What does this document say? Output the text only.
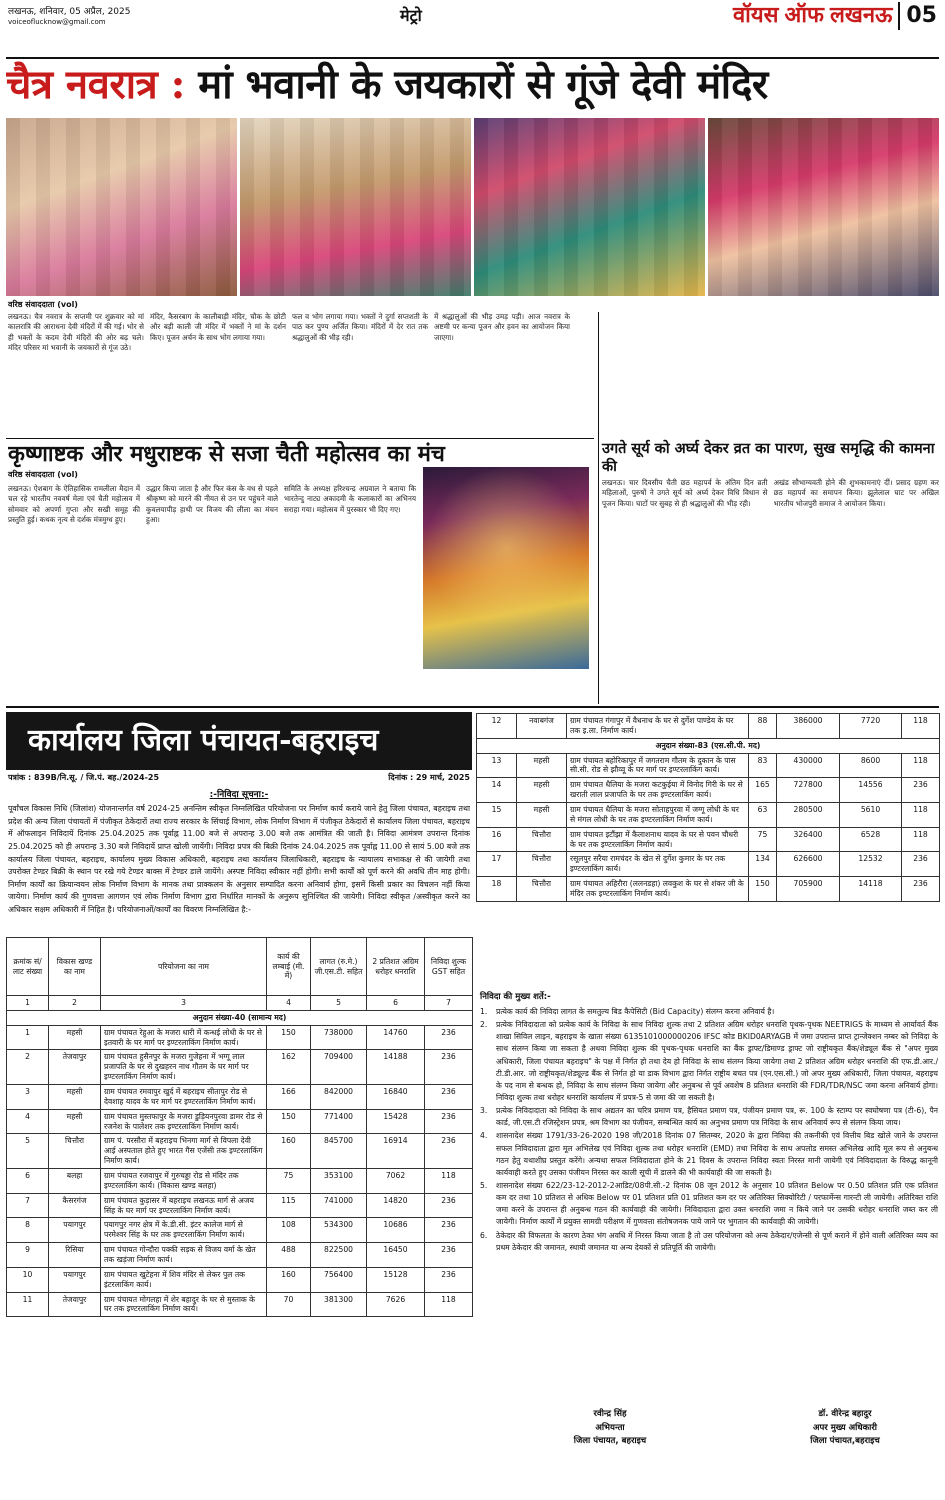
लखनऊ, शनिवार, 05 अप्रैल, 2025
voiceoflucknow@gmail.com	मेट्रो	वॉयस ऑफ लखनऊ 05
चैत्र नवरात्र : मां भवानी के जयकारों से गूंजे देवी मंदिर
वरिष्ठ संवाददाता (vol)

लखनऊ। चैत्र नवरात्र के सप्तमी पर शुक्रवार को मां कालरात्रि की आराधना देवी मंदिरों में की गई। भोर से ही भक्तों के कदम देवी मंदिरों की ओर बढ़ चले। मंदिर परिसर मां भवानी के जयकारों से गूंज उठे।

मंदिर, कैसरबाग के कालीबाड़ी मंदिर, चौक के छोटी और बड़ी काली जी मंदिर में भक्तों ने मां के दर्शन किए। पूजन अर्चन के साथ भोग लगाया गया।

फल व भोग लगाया गया। भक्तों ने दुर्गा सप्तशती के पाठ कर पुण्य अर्जित किया। मंदिरों में देर रात तक श्रद्धालुओं की भीड़ रही।

में श्रद्धालुओं की भीड़ उमड़ पड़ी। आज नवरात्र के अष्टमी पर कन्या पूजन और हवन का आयोजन किया जाएगा।

कृष्णाष्टक और मधुराष्टक से सजा चैती महोत्सव का मंच
वरिष्ठ संवाददाता (vol)

लखनऊ। ऐशबाग के ऐतिहासिक रामलीला मैदान में चल रहे भारतीय नववर्ष मेला एवं चैती महोत्सव में सोमवार को अपर्णा गुप्ता और सखी समूह की प्रस्तुति हुई। कथक नृत्य से दर्शक मंत्रमुग्ध हुए।

उद्धार किया जाता है और फिर कंस के वध से पहले श्रीकृष्ण को मारने की नीयत से उन पर पहुंचने वाले कुवलयापीड़ हाथी पर विजय की लीला का मंचन हुआ।

समिति के अध्यक्ष हरिश्चन्द्र अग्रवाल ने बताया कि भारतेन्दु नाट्य अकादमी के कलाकारों का अभिनय सराहा गया। महोत्सव में पुरस्कार भी दिए गए।

उगते सूर्य को अर्घ्य देकर व्रत का पारण, सुख समृद्धि की कामना की

लखनऊ। चार दिवसीय चैती छठ महापर्व के अंतिम दिन व्रती महिलाओं, पुरुषों ने उगते सूर्य को अर्घ्य देकर विधि विधान से पूजन किया। घाटों पर सुबह से ही श्रद्धालुओं की भीड़ रही।

अखंड सौभाग्यवती होने की शुभकामनाएं दीं। प्रसाद ग्रहण कर छठ महापर्व का समापन किया। झूलेलाल घाट पर अखिल भारतीय भोजपुरी समाज ने आयोजन किया।

कार्यालय जिला पंचायत-बहराइच
पत्रांक : 839B/नि.सू. / जि.पं. बह./2024-25	दिनांक : 29 मार्च, 2025
:-निविदा सूचना:-
पूर्वांचल विकास निधि (जिलांश) योजनान्तर्गत वर्ष 2024-25 अनन्तिम स्वीकृत निम्नलिखित परियोजना पर निर्माण कार्य कराये जाने हेतु जिला पंचायत, बहराइच तथा प्रदेश की अन्य जिला पंचायतों में पंजीकृत ठेकेदारों तथा राज्य सरकार के सिंचाई विभाग, लोक निर्माण विभाग में पंजीकृत ठेकेदारों से कार्यालय जिला पंचायत, बहराइच में ऑफलाइन निविदायें दिनांक 25.04.2025 तक पूर्वाह्न 11.00 बजे से अपरान्ह 3.00 बजे तक आमंत्रित की जाती है। निविदा आमंत्रण उपरान्त दिनांक 25.04.2025 को ही अपरान्ह 3.30 बजे निविदायें प्राप्त खोली जायेंगी। निविदा प्रपत्र की बिक्री दिनांक 24.04.2025 तक पूर्वाह्न 11.00 से सायं 5.00 बजे तक कार्यालय जिला पंचायत, बहराइच, कार्यालय मुख्य विकास अधिकारी, बहराइच तथा कार्यालय जिलाधिकारी, बहराइच के न्यायालय सभाकक्ष से की जायेगी तथा उपरोक्त टेण्डर बिक्री के स्थान पर रखे गये टेण्डर बाक्स में टेण्डर डाले जायेंगे। अस्पष्ट निविदा स्वीकार नहीं होगी। सभी कार्यों को पूर्ण करने की अवधि तीन माह होगी। निर्माण कार्यों का क्रियान्वयन लोक निर्माण विभाग के मानक तथा प्राक्कलन के अनुसार सम्पादित करना अनिवार्य होगा, इसमें किसी प्रकार का विचलन नहीं किया जायेगा। निर्माण कार्य की गुणवत्ता आगणन एवं लोक निर्माण विभाग द्वारा निर्धारित मानकों के अनुरूप सुनिश्चित की जायेगी। निविदा स्वीकृत /अस्वीकृत करने का अधिकार सक्षम अधिकारी में निहित है। परियोजनाओं/कार्यों का विवरण निम्नलिखित है:-
क्रमांक सं/लाट संख्या	विकास खण्ड का नाम	परियोजना का नाम	कार्य की लम्बाई (मी. में)	लागत (रु.मे.) जी.एस.टी. सहित	2 प्रतिशत अग्रिम धरोहर धनराशि	निविदा शुल्क GST सहित
1	2	3	4	5	6	7
अनुदान संख्या-40 (सामान्य मद)						
1	महसी	ग्राम पंचायत रेहुआ के मजरा धारी में कन्धई लोधी के घर से इतवारी के घर मार्ग पर इण्टरलाकिंग निर्माण कार्य।	150	738000	14760	236
2	तेजवापुर	ग्राम पंचायत हुसैनपुर के मजरा गुजेहना में भग्गू लाल प्रजापति के घर से दुखहरन नाथ गौतम के घर मार्ग पर इण्टरलाकिंग निर्माण कार्य।	162	709400	14188	236
3	महसी	ग्राम पंचायत रमवापुर खुर्द में बहराइच सीतापुर रोड से देवशाह यादव के घर मार्ग पर इण्टरलाकिंग निर्माण कार्य।	166	842000	16840	236
4	महसी	ग्राम पंचायत मुस्तफापुर के मजरा डुड़ियनपुरवा डामर रोड से रजनेश के पालेशर तक इण्टरलाकिंग निर्माण कार्य।	150	771400	15428	236
5	चित्तौरा	ग्राम पं. परसौरा में बहराइच भिनगा मार्ग से विपला देवी आई अस्पताल होते हुए भारत गैस एजेंसी तक इण्टरलाकिंग निर्माण कार्य।	160	845700	16914	236
6	बलहा	ग्राम पंचायत रजवापुर में गुरुचड्डा रोड से मंदिर तक इण्टरलाकिंग कार्य। (विकास खण्ड बलहा)	75	353100	7062	118
7	कैसरगंज	ग्राम पंचायत कुड़ासर में बहराइच लखनऊ मार्ग से अजय सिंह के घर मार्ग पर इण्टरलाकिंग निर्माण कार्य।	115	741000	14820	236
8	पयागपुर	पयागपुर नगर क्षेत्र में के.डी.सी. इंटर कालेज मार्ग से परमेश्वर सिंह के घर तक इण्टरलाकिंग निर्माण कार्य।	108	534300	10686	236
9	रिसिया	ग्राम पंचायत गोन्दौरा पक्की सड़क से विजय वर्मा के खेत तक खड़ंजा निर्माण कार्य।	488	822500	16450	236
10	पयागपुर	ग्राम पंचायत खुटेहना में शिव मंदिर से लेकर पुल तक इंटरलाकिंग कार्य।	160	756400	15128	236
11	तेजवापुर	ग्राम पंचायत मोगलहा में शेर बहादुर के घर से मुस्ताक के घर तक इण्टरलाकिंग निर्माण कार्य।	70	381300	7626	118
12	नवाबगंज	ग्राम पंचायत गंगापुर में वैधनाथ के घर से दुर्गेश पाण्डेय के घर तक इ.ला. निर्माण कार्य।	88	386000	7720	118
अनुदान संख्या-83 (एस.सी.पी. मद)						
13	महसी	ग्राम पंचायत बहोरिकापुर में जगतराम गौतम के दुकान के पास सी.सी. रोड से झौव्वू के घर मार्ग पर इण्टरलाकिंग कार्य।	83	430000	8600	118
14	महसी	ग्राम पंचायत धैलिया के मजरा कटकुईया में विनोद गिरी के घर से खराती लाल प्रजापति के घर तक इण्टरलाकिंग कार्य।	165	727800	14556	236
15	महसी	ग्राम पंचायत धैलिया के मजरा सोताहपुरवा में जग्गू लोधी के घर से मंगल लोधी के घर तक इण्टरलाकिंग निर्माण कार्य।	63	280500	5610	118
16	चित्तौरा	ग्राम पंचायत इटौंझा में कैलाशनाथ यादव के घर से पवन चौधरी के घर तक इण्टरलाकिंग निर्माण कार्य।	75	326400	6528	118
17	चित्तौरा	रसूलपुर सरैया रामचंदर के खेत से दुर्गेश कुमार के घर तक इण्टरलाकिंग कार्य।	134	626600	12532	236
18	चित्तौरा	ग्राम पंचायत अहिरौरा (ललनडहा) लवकुश के घर से शंकर जी के मंदिर तक इण्टरलाकिंग निर्माण कार्य।	150	705900	14118	236
निविदा की मुख्य शर्ते:-
1.	प्रत्येक कार्य की निविदा लागत के समतुल्य बिड कैपेसिटी (Bid Capacity) संलग्न करना अनिवार्य है।
2.	प्रत्येक निविदादाता को प्रत्येक कार्य के निविदा के साथ निविदा शुल्क तथा 2 प्रतिशत अग्रिम धरोहर धनराशि पृथक-पृथक NEETRIGS के माध्यम से आर्यावर्त बैंक शाखा सिविल लाइन, बहराइच के खाता संख्या 6135101000000206 IFSC कोड BKID0ARYAGB में जमा उपरान्त प्राप्त ट्रान्जेक्शन नम्बर को निविदा के साथ संलग्न किया जा सकता है अथवा निविदा शुल्क की पृथक-पृथक धनराशि का बैंक ड्राफ्ट/डिमाण्ड ड्राफ्ट जो राष्ट्रीयकृत बैंक/शेड्यूल बैंक से "अपर मुख्य अधिकारी, जिला पंचायत बहराइच" के पक्ष में निर्गत हो तथा देय हो निविदा के साथ संलग्न किया जायेगा तथा 2 प्रतिशत अग्रिम धरोहर धनराशि की एफ.डी.आर./टी.डी.आर. जो राष्ट्रीयकृत/शेड्यूल्ड बैंक से निर्गत हो या डाक विभाग द्वारा निर्गत राष्ट्रीय बचत पत्र (एन.एस.सी.) जो अपर मुख्य अधिकारी, जिला पंचायत, बहराइच के पद नाम से बन्धक हो, निविदा के साथ संलग्न किया जायेगा और अनुबन्ध से पूर्व अवशेष 8 प्रतिशत धनराशि की FDR/TDR/NSC जमा करना अनिवार्य होगा। निविदा शुल्क तथा धरोहर धनराशि कार्यालय में प्रपत्र-5 से जमा की जा सकती है।
3.	प्रत्येक निविदादाता को निविदा के साथ अद्यतन का चरित्र प्रमाण पत्र, हैसियत प्रमाण पत्र, पंजीयन प्रमाण पत्र, रू. 100 के स्टाम्प पर स्वघोषणा पत्र (टी-6), पैन कार्ड, जी.एस.टी रजिस्ट्रेशन प्रपत्र, श्रम विभाग का पंजीयन, सम्बन्धित कार्य का अनुभव प्रमाण पत्र निविदा के साथ अनिवार्य रूप से संलग्न किया जाय।
4.	शासनादेश संख्या 1791/33-26-2020 198 जी/2018 दिनांक 07 सितम्बर, 2020 के द्वारा निविदा की तकनीकी एवं वित्तीय बिड खोले जाने के उपरान्त सफल निविदादाता द्वारा मूल अभिलेख एवं निविदा शुल्क तथा धरोहर धनराशि (EMD) तथा निविदा के साथ अपलोड समस्त अभिलेख आदि मूल रूप से अनुबन्ध गठन हेतु यथाशीघ्र प्रस्तुत करेंगे। अन्यथा सफल निविदादाता होने के 21 दिवस के उपरान्त निविदा स्वतः निरस्त मानी जायेगी एवं निविदादाता के विरुद्ध कानूनी कार्यवाही करते हुए उसका पंजीयन निरस्त कर काली सूची में डालने की भी कार्यवाही की जा सकती है।
5.	शासनादेश संख्या 622/23-12-2012-2आडिट/08पी.सी.-2 दिनांक 08 जून 2012 के अनुसार 10 प्रतिशत Below पर 0.50 प्रतिशत प्रति एक प्रतिशत कम दर तथा 10 प्रतिशत से अधिक Below पर 01 प्रतिशत प्रति 01 प्रतिशत कम दर पर अतिरिक्त सिक्योरिटी / परफार्मेन्स गारन्टी ली जायेगी। अतिरिक्त राशि जमा करने के उपरान्त ही अनुबन्ध गठन की कार्यवाही की जायेगी। निविदादाता द्वारा उक्त धनराशि जमा न किये जाने पर उसकी धरोहर धनराशि जब्त कर ली जायेगी। निर्माण कार्यों में प्रयुक्त सामग्री परीक्षण में गुणवत्ता संतोषजनक पाये जाने पर भुगतान की कार्यवाही की जायेगी।
6.	ठेकेदार की विफलता के कारण ठेका भंग अवधि में निरस्त किया जाता है तो उस परियोजना को अन्य ठेकेदार/एजेन्सी से पूर्ण कराने में होने वाली अतिरिक्त व्यय का प्रथम ठेकेदार की जमानत, स्थायी जमानत या अन्य देयकों से प्रतिपूर्ति की जायेगी।
रवीन्द्र सिंह
अभियन्ता
जिला पंचायत, बहराइच
डॉ. वीरेन्द्र बहादुर
अपर मुख्य अधिकारी
जिला पंचायत,बहराइच
